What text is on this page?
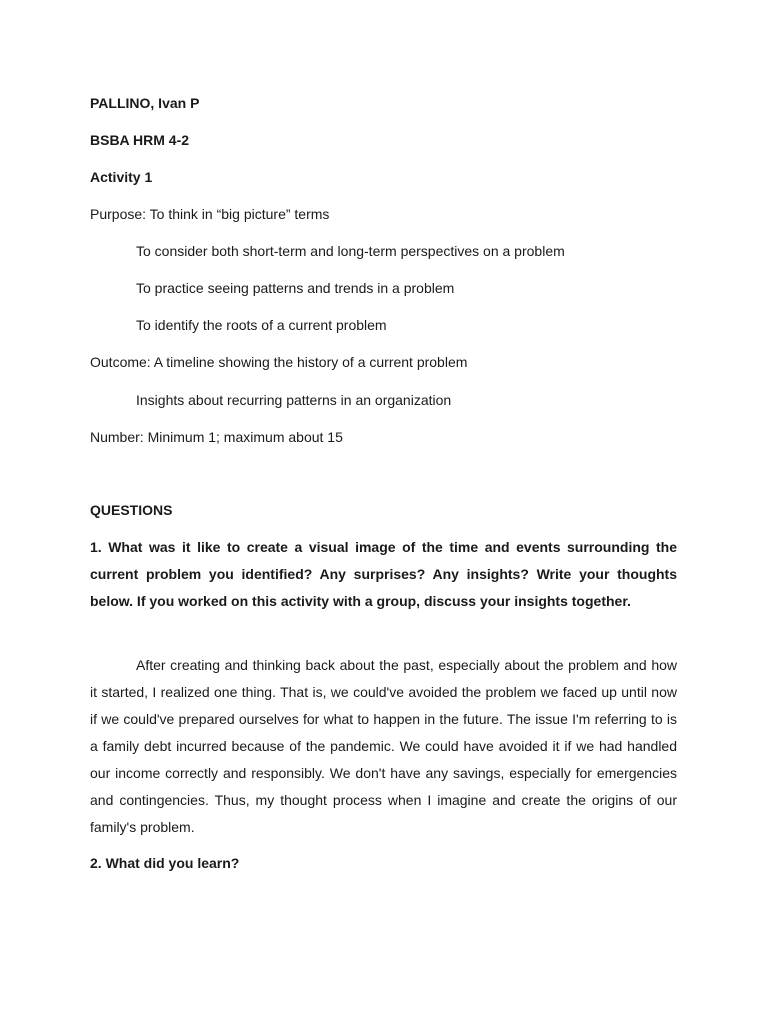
PALLINO, Ivan P
BSBA HRM 4-2
Activity 1
Purpose: To think in “big picture” terms
To consider both short-term and long-term perspectives on a problem
To practice seeing patterns and trends in a problem
To identify the roots of a current problem
Outcome: A timeline showing the history of a current problem
Insights about recurring patterns in an organization
Number: Minimum 1; maximum about 15
QUESTIONS
1. What was it like to create a visual image of the time and events surrounding the current problem you identified? Any surprises? Any insights? Write your thoughts below. If you worked on this activity with a group, discuss your insights together.
After creating and thinking back about the past, especially about the problem and how it started, I realized one thing. That is, we could've avoided the problem we faced up until now if we could've prepared ourselves for what to happen in the future. The issue I'm referring to is a family debt incurred because of the pandemic. We could have avoided it if we had handled our income correctly and responsibly. We don't have any savings, especially for emergencies and contingencies. Thus, my thought process when I imagine and create the origins of our family's problem.
2. What did you learn?
